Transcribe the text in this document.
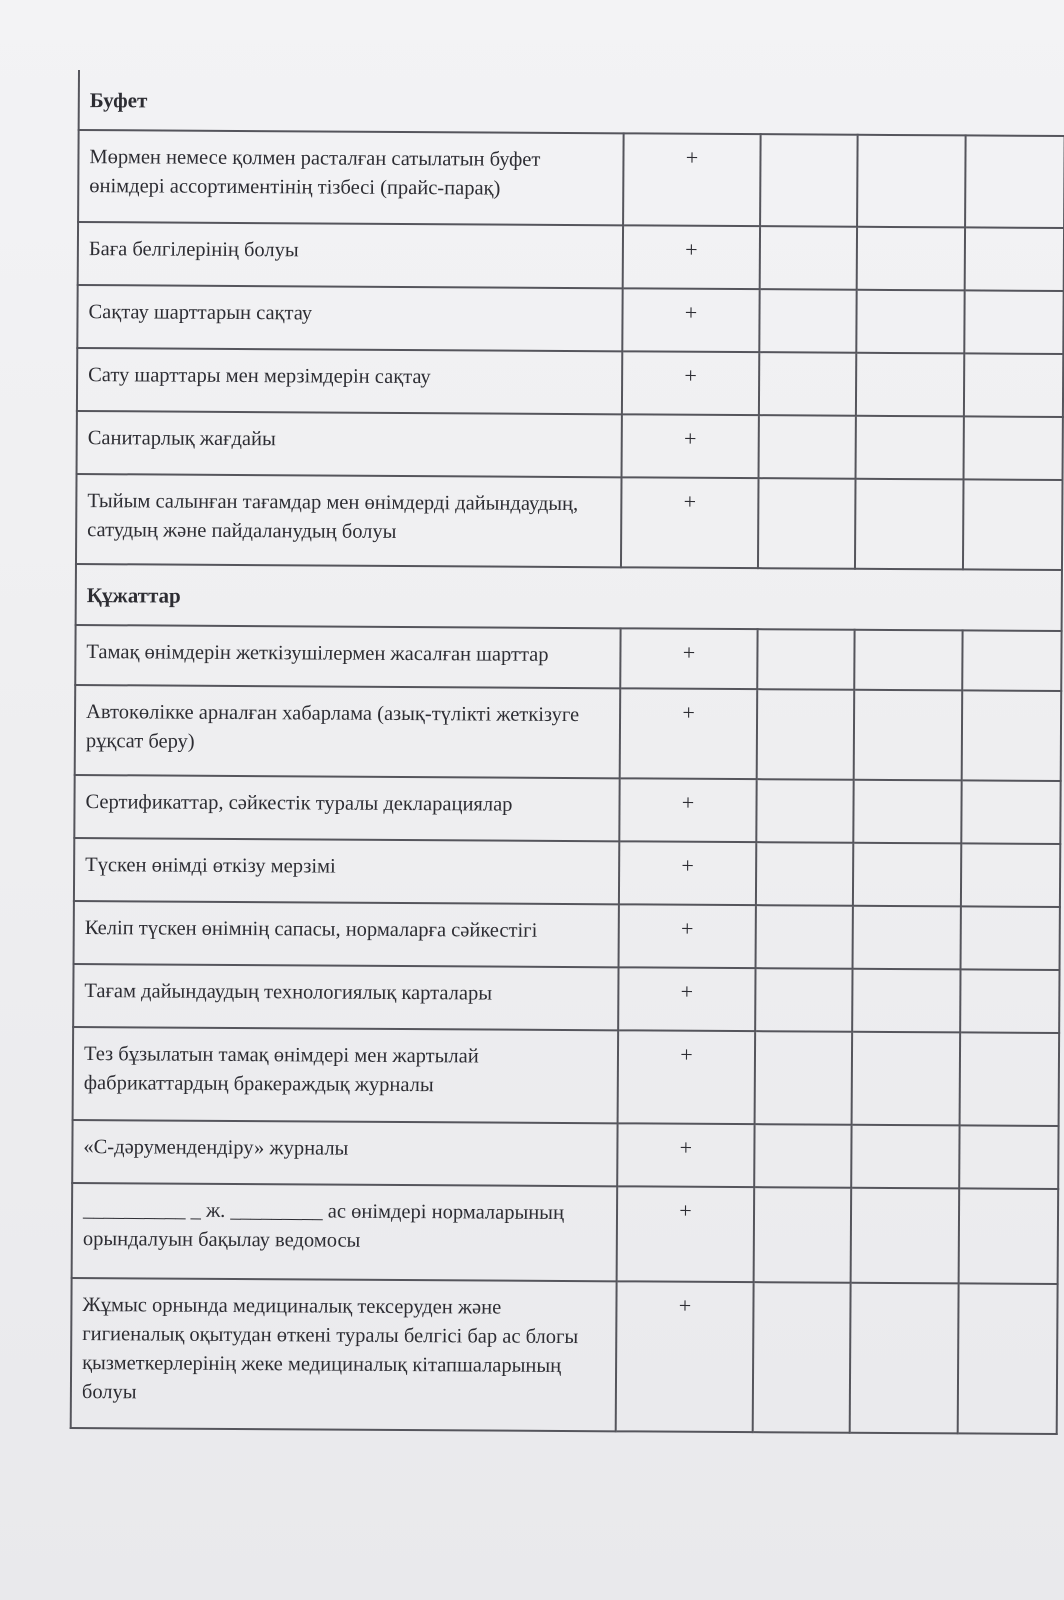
Буфет				
Мөрмен немесе қолмен расталған сатылатын буфет өнімдері ассортиментінің тізбесі (прайс-парақ)	+			
Баға белгілерінің болуы	+			
Сақтау шарттарын сақтау	+			
Сату шарттары мен мерзімдерін сақтау	+			
Санитарлық жағдайы	+			
Тыйым салынған тағамдар мен өнімдерді дайындаудың, сатудың және пайдаланудың болуы	+			
Құжаттар				
Тамақ өнімдерін жеткізушілермен жасалған шарттар	+			
Автокөлікке арналған хабарлама (азық-түлікті жеткізуге рұқсат беру)	+			
Сертификаттар, сәйкестік туралы декларациялар	+			
Түскен өнімді өткізу мерзімі	+			
Келіп түскен өнімнің сапасы, нормаларға сәйкестігі	+			
Тағам дайындаудың технологиялық карталары	+			
Тез бұзылатын тамақ өнімдері мен жартылай фабрикаттардың бракераждық журналы	+			
«С-дәрумендендіру» журналы	+			
__________ _ ж. _________ ас өнімдері нормаларының орындалуын бақылау ведомосы	+			
Жұмыс орнында медициналық тексеруден және гигиеналық оқытудан өткені туралы белгісі бар ас блогы қызметкерлерінің жеке медициналық кітапшаларының болуы	+			
